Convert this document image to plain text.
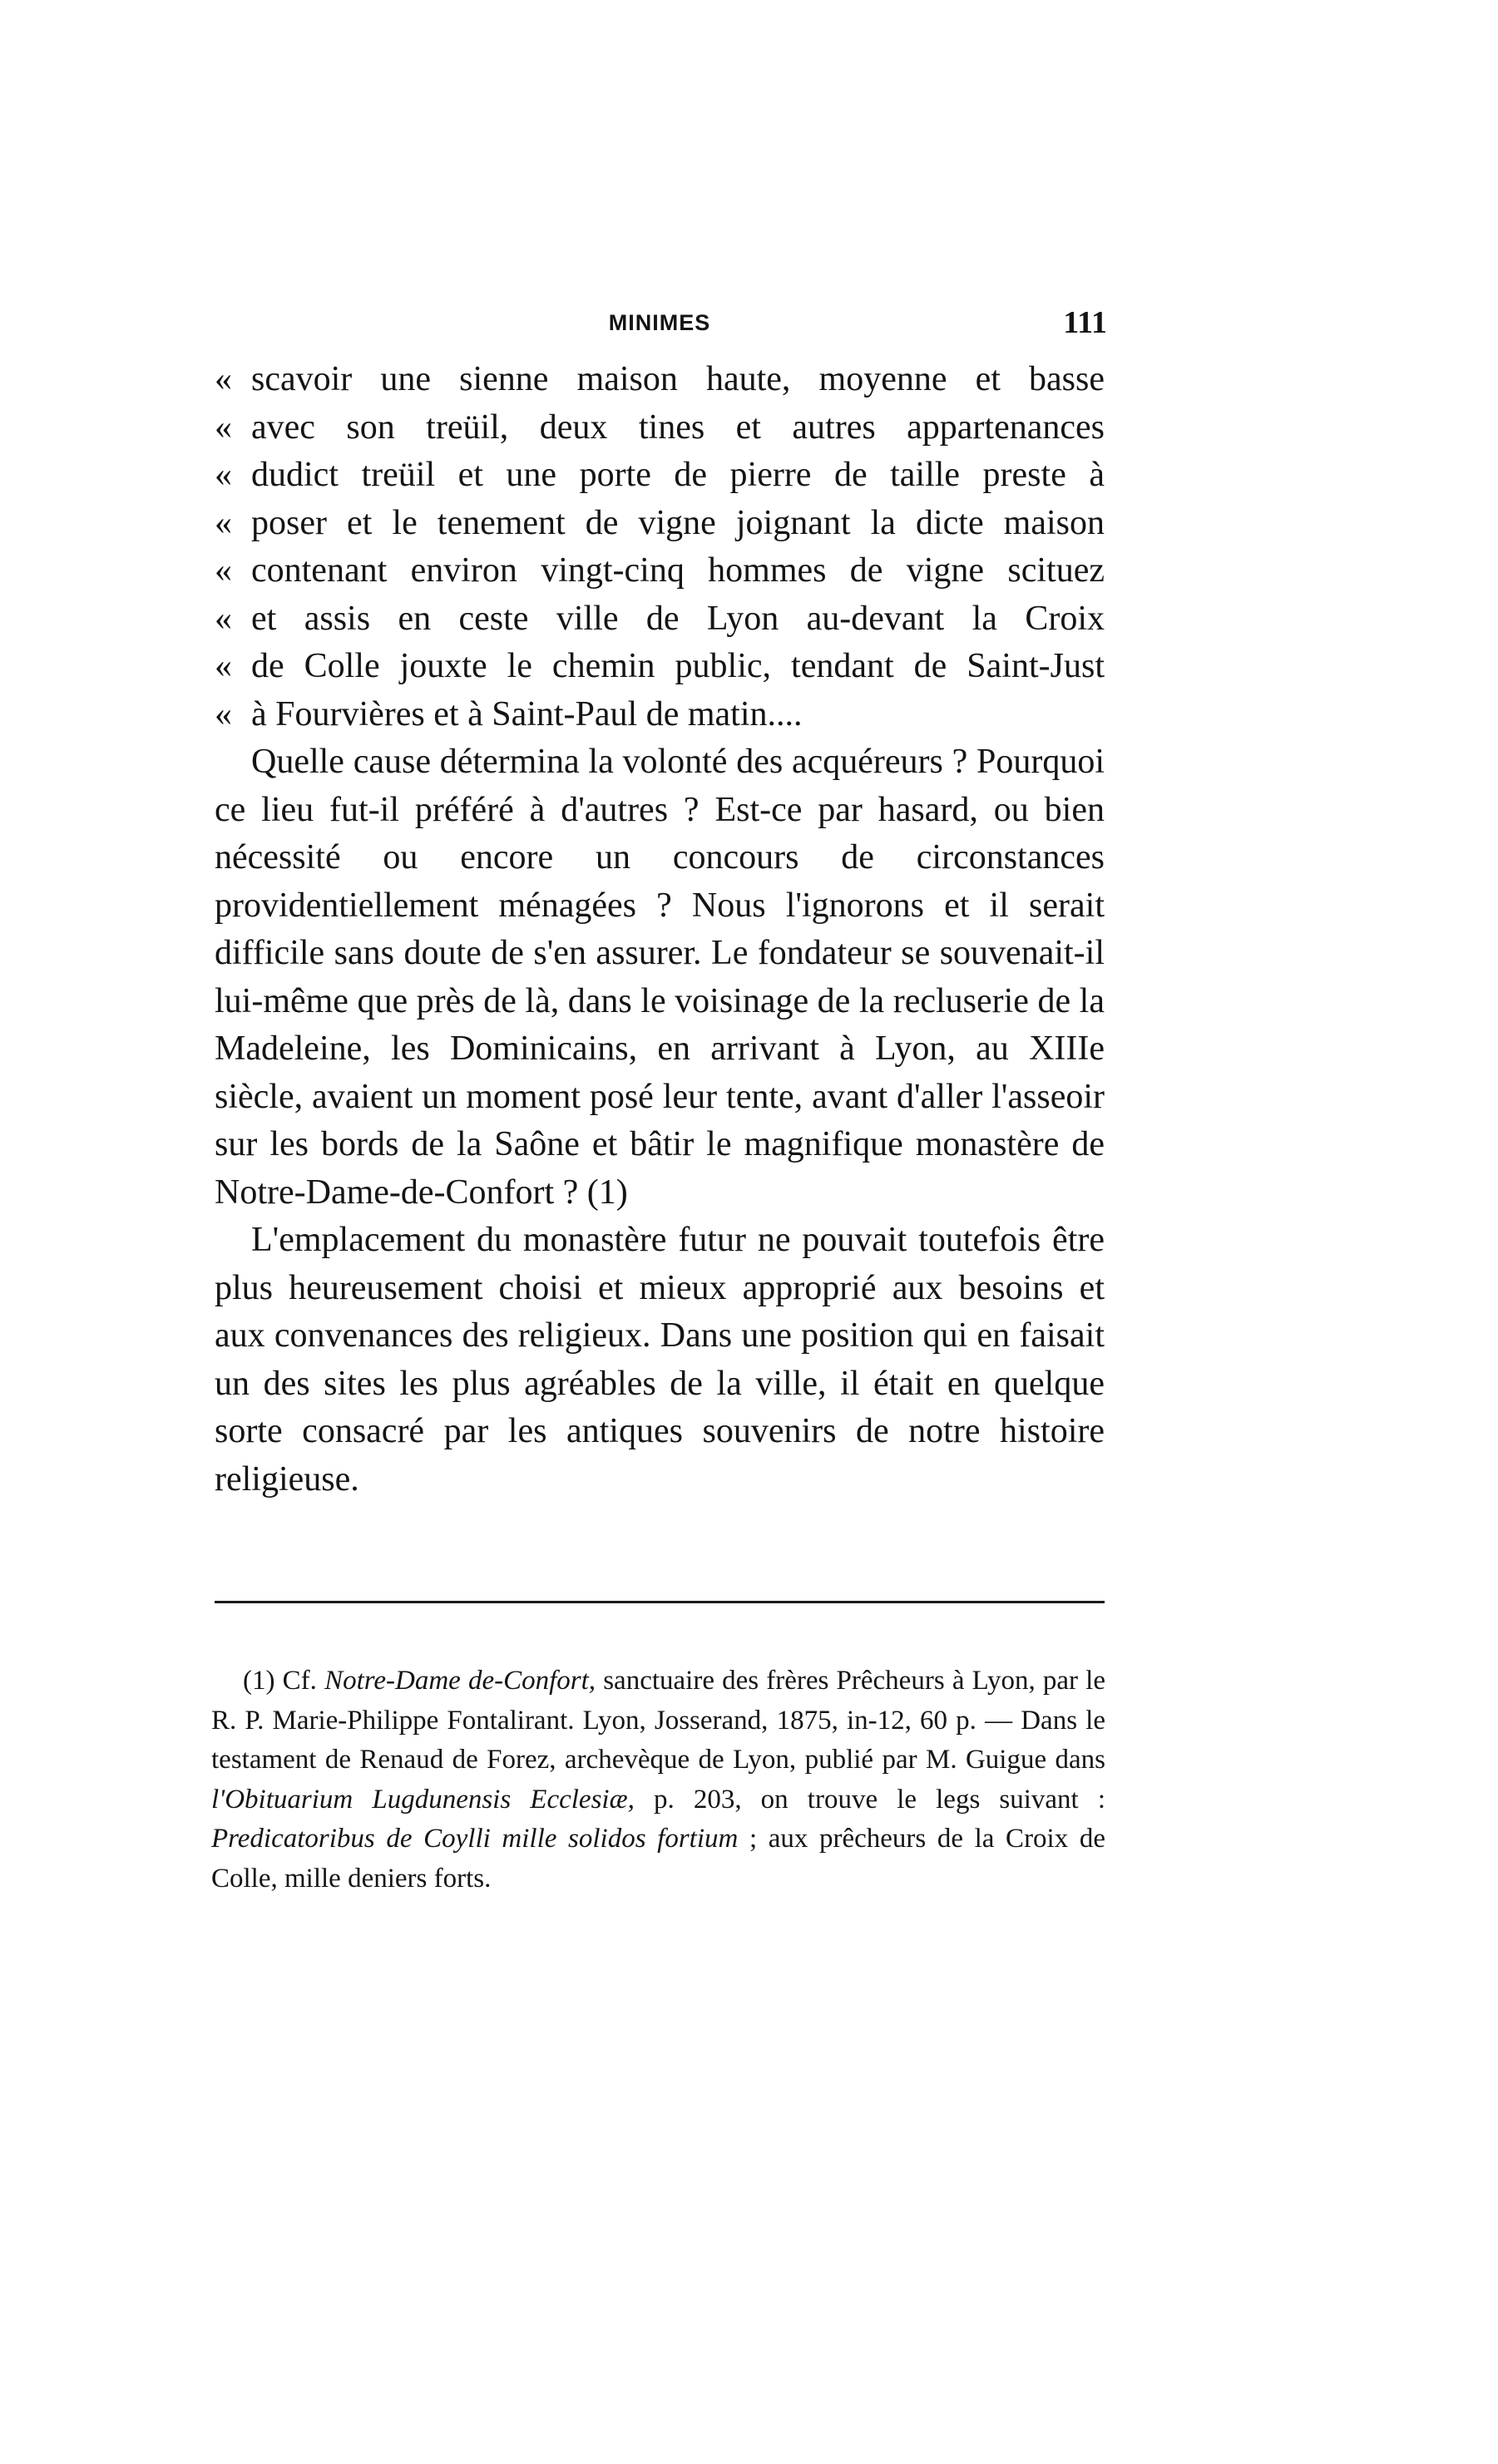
MINIMES	111
« scavoir une sienne maison haute, moyenne et basse
« avec son treüil, deux tines et autres appartenances
« dudict treüil et une porte de pierre de taille preste à
« poser et le tenement de vigne joignant la dicte maison
« contenant environ vingt-cinq hommes de vigne scituez
« et assis en ceste ville de Lyon au-devant la Croix
« de Colle jouxte le chemin public, tendant de Saint-Just
« à Fourvières et à Saint-Paul de matin....

Quelle cause détermina la volonté des acquéreurs ? Pourquoi ce lieu fut-il préféré à d'autres ? Est-ce par hasard, ou bien nécessité ou encore un concours de circonstances providentiellement ménagées ? Nous l'ignorons et il serait difficile sans doute de s'en assurer. Le fondateur se souvenait-il lui-même que près de là, dans le voisinage de la recluserie de la Madeleine, les Dominicains, en arrivant à Lyon, au XIIIe siècle, avaient un moment posé leur tente, avant d'aller l'asseoir sur les bords de la Saône et bâtir le magnifique monastère de Notre-Dame-de-Confort ? (1)

L'emplacement du monastère futur ne pouvait toutefois être plus heureusement choisi et mieux approprié aux besoins et aux convenances des religieux. Dans une position qui en faisait un des sites les plus agréables de la ville, il était en quelque sorte consacré par les antiques souvenirs de notre histoire religieuse.

(1) Cf. Notre-Dame de-Confort, sanctuaire des frères Prêcheurs à Lyon, par le R. P. Marie-Philippe Fontalirant. Lyon, Josserand, 1875, in-12, 60 p. — Dans le testament de Renaud de Forez, archevèque de Lyon, publié par M. Guigue dans l'Obituarium Lugdunensis Ecclesiæ, p. 203, on trouve le legs suivant : Predicatoribus de Coylli mille solidos fortium ; aux prêcheurs de la Croix de Colle, mille deniers forts.
